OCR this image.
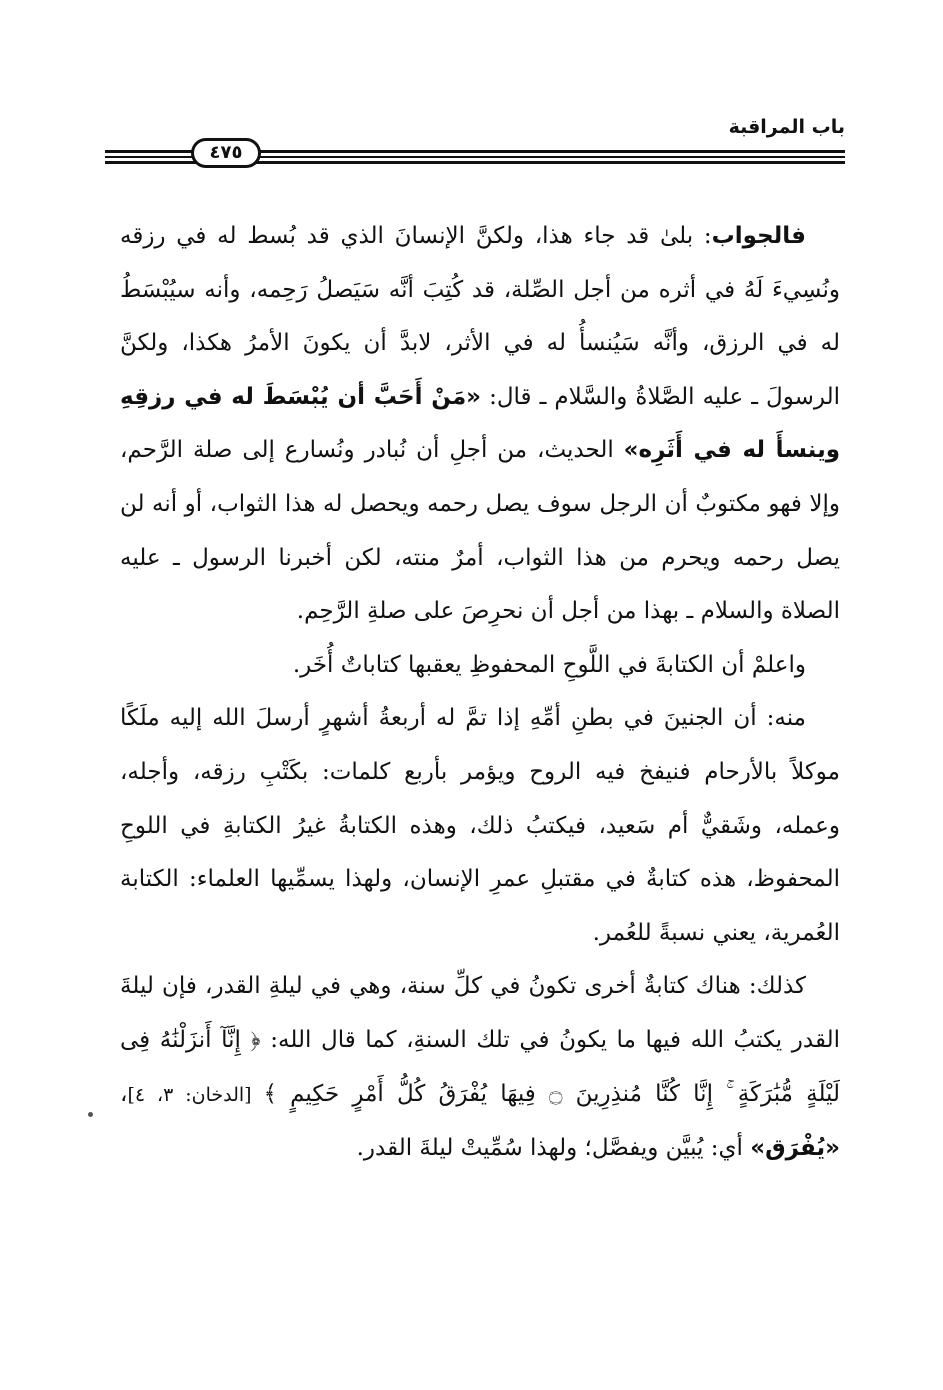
باب المراقبة
٤٧٥

فالجواب: بلىٰ قد جاء هذا، ولكنَّ الإنسانَ الذي قد بُسط له في رزقه ونُسِيءَ لَهُ في أثره من أجل الصِّلة، قد كُتِبَ أنَّه سَيَصلُ رَحِمه، وأنه سيُبْسَطُ له في الرزق، وأنَّه سَيُنسأُ له في الأثر، لابدَّ أن يكونَ الأمرُ هكذا، ولكنَّ الرسولَ ـ عليه الصَّلاةُ والسَّلام ـ قال: «مَنْ أَحَبَّ أن يُبْسَطَ له في رزقِهِ وينسأَ له في أَثَرِه» الحديث، من أجلِ أن نُبادر ونُسارع إلى صلة الرَّحم، وإلا فهو مكتوبٌ أن الرجل سوف يصل رحمه ويحصل له هذا الثواب، أو أنه لن يصل رحمه ويحرم من هذا الثواب، أمرٌ منته، لكن أخبرنا الرسول ـ عليه الصلاة والسلام ـ بهذا من أجل أن نحرِصَ على صلةِ الرَّحِم.

واعلمْ أن الكتابةَ في اللَّوحِ المحفوظِ يعقبها كتاباتٌ أُخَر.

منه: أن الجنينَ في بطنِ أمِّهِ إذا تمَّ له أربعةُ أشهرٍ أرسلَ الله إليه ملَكًا موكلاً بالأرحام فنيفخ فيه الروح ويؤمر بأربع كلمات: بكَتْبِ رزقه، وأجله، وعمله، وشَقيٌّ أم سَعيد، فيكتبُ ذلك، وهذه الكتابةُ غيرُ الكتابةِ في اللوحِ المحفوظ، هذه كتابةٌ في مقتبلِ عمرِ الإنسان، ولهذا يسمِّيها العلماء: الكتابة العُمرية، يعني نسبةً للعُمر.

كذلك: هناك كتابةٌ أخرى تكونُ في كلِّ سنة، وهي في ليلةِ القدر، فإن ليلةَ القدر يكتبُ الله فيها ما يكونُ في تلك السنةِ، كما قال الله: ﴿ إِنَّآ أَنزَلْنَٰهُ فِى لَيْلَةٍ مُّبَٰرَكَةٍ ۚ إِنَّا كُنَّا مُنذِرِينَ ۝ فِيهَا يُفْرَقُ كُلُّ أَمْرٍ حَكِيمٍ ﴾ [الدخان: ٣، ٤]، «يُفْرَق» أي: يُبيَّن ويفصَّل؛ ولهذا سُمِّيتْ ليلةَ القدر.
